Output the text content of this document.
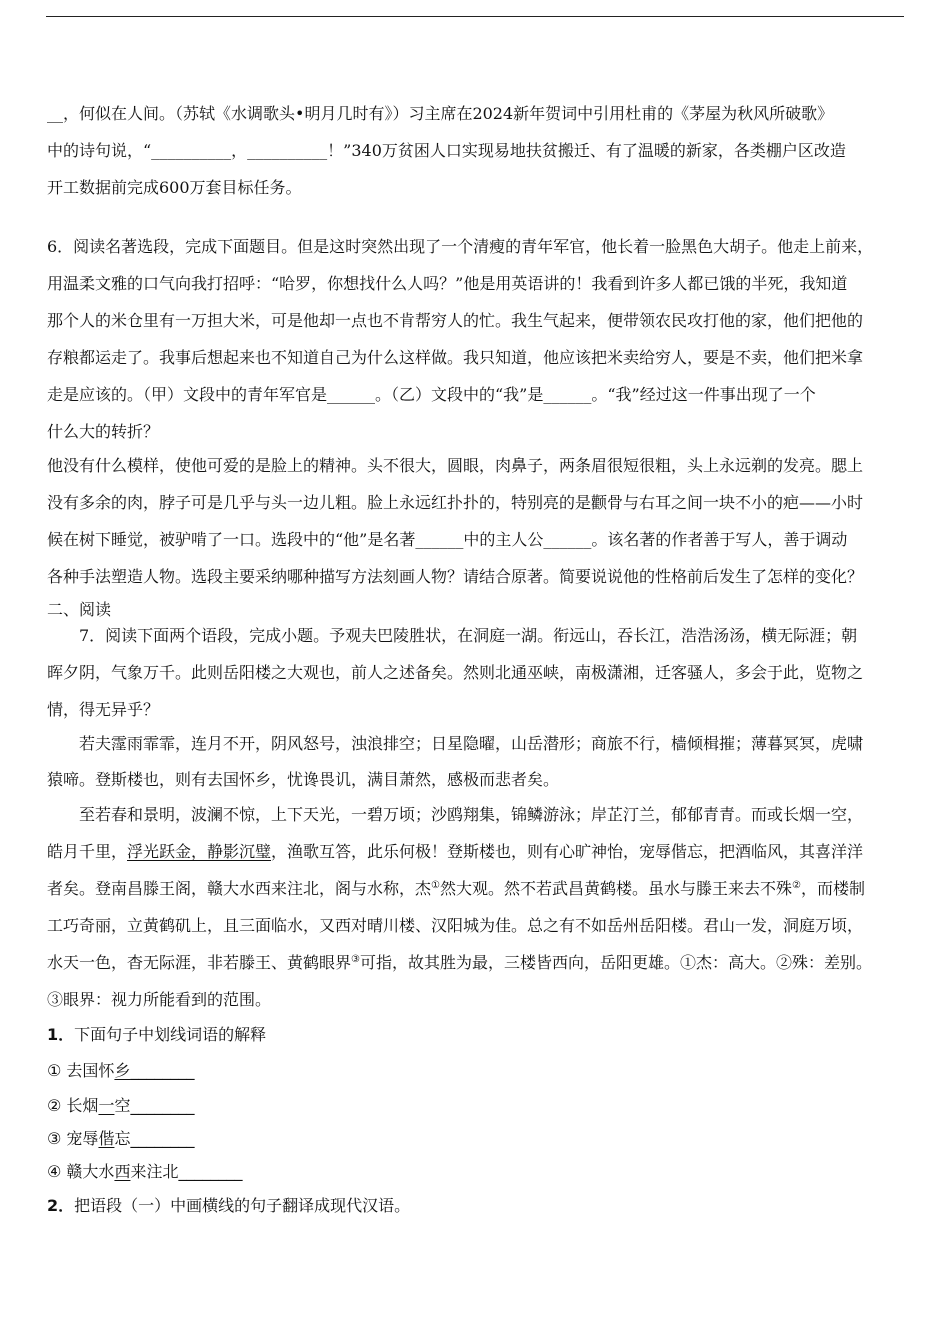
__，何似在人间。（苏轼《水调歌头•明月几时有》）习主席在2024新年贺词中引用杜甫的《茅屋为秋风所破歌》
中的诗句说，“__________，__________！”340万贫困人口实现易地扶贫搬迁、有了温暖的新家，各类棚户区改造
开工数据前完成600万套目标任务。
6．阅读名著选段，完成下面题目。但是这时突然出现了一个清瘦的青年军官，他长着一脸黑色大胡子。他走上前来，
用温柔文雅的口气向我打招呼：“哈罗，你想找什么人吗？”他是用英语讲的！我看到许多人都已饿的半死，我知道
那个人的米仓里有一万担大米，可是他却一点也不肯帮穷人的忙。我生气起来，便带领农民攻打他的家，他们把他的
存粮都运走了。我事后想起来也不知道自己为什么这样做。我只知道，他应该把米卖给穷人，要是不卖，他们把米拿
走是应该的。（甲）文段中的青年军官是______。（乙）文段中的“我”是______。“我”经过这一件事出现了一个
什么大的转折？
他没有什么模样，使他可爱的是脸上的精神。头不很大，圆眼，肉鼻子，两条眉很短很粗，头上永远剃的发亮。腮上
没有多余的肉，脖子可是几乎与头一边儿粗。脸上永远红扑扑的，特别亮的是颧骨与右耳之间一块不小的疤——小时
候在树下睡觉，被驴啃了一口。选段中的“他”是名著______中的主人公______。该名著的作者善于写人，善于调动
各种手法塑造人物。选段主要采纳哪种描写方法刻画人物？请结合原著。简要说说他的性格前后发生了怎样的变化？
二、阅读
7．阅读下面两个语段，完成小题。予观夫巴陵胜状，在洞庭一湖。衔远山，吞长江，浩浩汤汤，横无际涯；朝
晖夕阴，气象万千。此则岳阳楼之大观也，前人之述备矣。然则北通巫峡，南极潇湘，迁客骚人，多会于此，览物之
情，得无异乎？
若夫霪雨霏霏，连月不开，阴风怒号，浊浪排空；日星隐曜，山岳潜形；商旅不行，樯倾楫摧；薄暮冥冥，虎啸
猿啼。登斯楼也，则有去国怀乡，忧谗畏讥，满目萧然，感极而悲者矣。
至若春和景明，波澜不惊，上下天光，一碧万顷；沙鸥翔集，锦鳞游泳；岸芷汀兰，郁郁青青。而或长烟一空，
皓月千里，浮光跃金，静影沉璧，渔歌互答，此乐何极！登斯楼也，则有心旷神怡，宠辱偕忘，把酒临风，其喜洋洋
者矣。登南昌滕王阁，赣大水西来注北，阁与水称，杰①然大观。然不若武昌黄鹤楼。虽水与滕王来去不殊②，而楼制
工巧奇丽，立黄鹤矶上，且三面临水，又西对晴川楼、汉阳城为佳。总之有不如岳州岳阳楼。君山一发，洞庭万顷，
水天一色，杳无际涯，非若滕王、黄鹤眼界③可指，故其胜为最，三楼皆西向，岳阳更雄。①杰：高大。②殊：差别。
③眼界：视力所能看到的范围。
1．下面句子中划线词语的解释
① 去国怀乡________
② 长烟一空________
③ 宠辱偕忘________
④ 赣大水西来注北________
2．把语段（一）中画横线的句子翻译成现代汉语。
